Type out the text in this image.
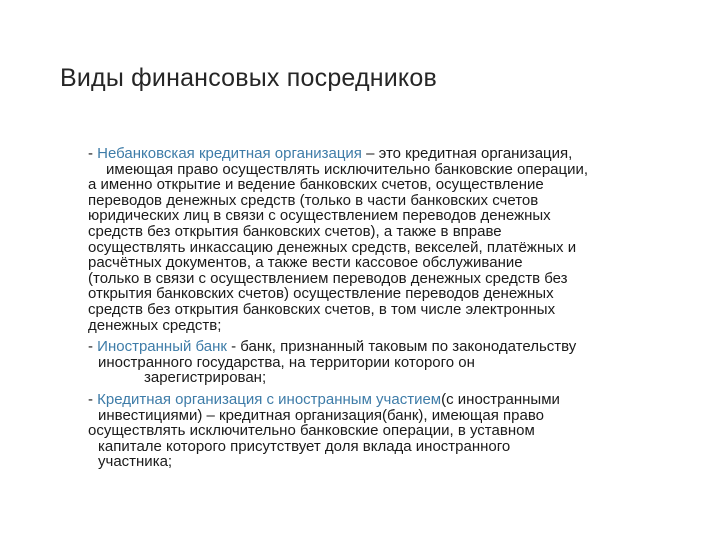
Виды финансовых посредников

- Небанковская кредитная организация – это кредитная организация,
имеющая право осуществлять исключительно банковские операции,
а именно открытие и ведение банковских счетов, осуществление
переводов денежных средств (только в части банковских счетов
юридических лиц в связи с осуществлением переводов денежных
средств без открытия банковских счетов), а также в вправе
осуществлять инкассацию денежных средств, векселей, платёжных и
расчётных документов, а также вести кассовое обслуживание
(только в связи с осуществлением переводов денежных средств без
открытия банковских счетов) осуществление переводов денежных
средств без открытия банковских счетов, в том числе электронных
денежных средств;

- Иностранный банк - банк, признанный таковым по законодательству
иностранного государства, на территории которого он
зарегистрирован;

- Кредитная организация с иностранным участием(с иностранными
инвестициями) – кредитная организация(банк), имеющая право
осуществлять исключительно банковские операции, в уставном
капитале которого присутствует доля вклада иностранного
участника;
